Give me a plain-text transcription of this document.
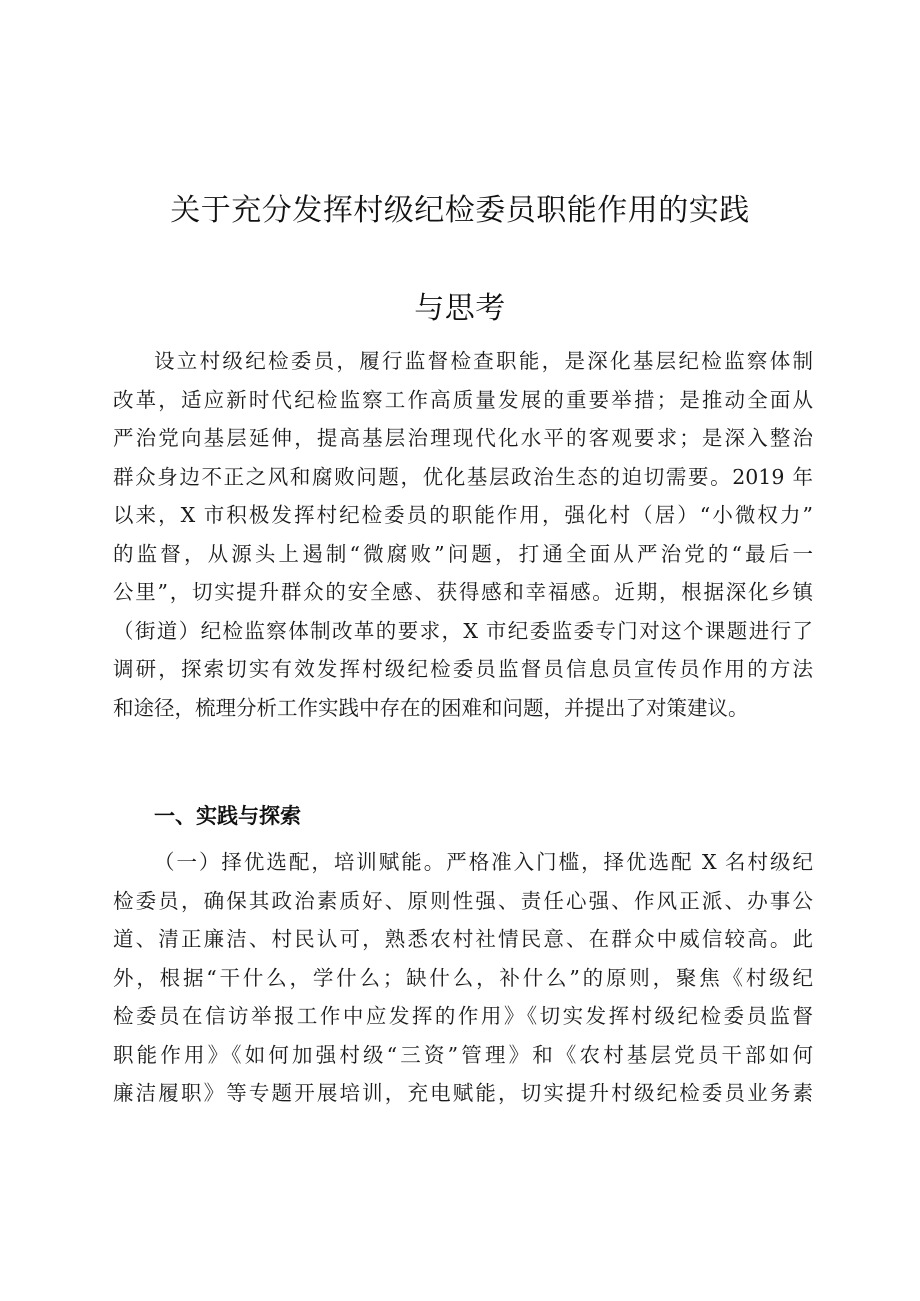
关于充分发挥村级纪检委员职能作用的实践
与思考
设立村级纪检委员，履行监督检查职能，是深化基层纪检监察体制
改革，适应新时代纪检监察工作高质量发展的重要举措；是推动全面从
严治党向基层延伸，提高基层治理现代化水平的客观要求；是深入整治
群众身边不正之风和腐败问题，优化基层政治生态的迫切需要。2019 年
以来，X 市积极发挥村纪检委员的职能作用，强化村（居）“小微权力”
的监督，从源头上遏制“微腐败”问题，打通全面从严治党的“最后一
公里”，切实提升群众的安全感、获得感和幸福感。近期，根据深化乡镇
（街道）纪检监察体制改革的要求，X 市纪委监委专门对这个课题进行了
调研，探索切实有效发挥村级纪检委员监督员信息员宣传员作用的方法
和途径，梳理分析工作实践中存在的困难和问题，并提出了对策建议。
一、实践与探索
（一）择优选配，培训赋能。严格准入门槛，择优选配 X 名村级纪
检委员，确保其政治素质好、原则性强、责任心强、作风正派、办事公
道、清正廉洁、村民认可，熟悉农村社情民意、在群众中威信较高。此
外，根据“干什么，学什么；缺什么，补什么”的原则，聚焦《村级纪
检委员在信访举报工作中应发挥的作用》《切实发挥村级纪检委员监督
职能作用》《如何加强村级“三资”管理》和《农村基层党员干部如何
廉洁履职》等专题开展培训，充电赋能，切实提升村级纪检委员业务素
